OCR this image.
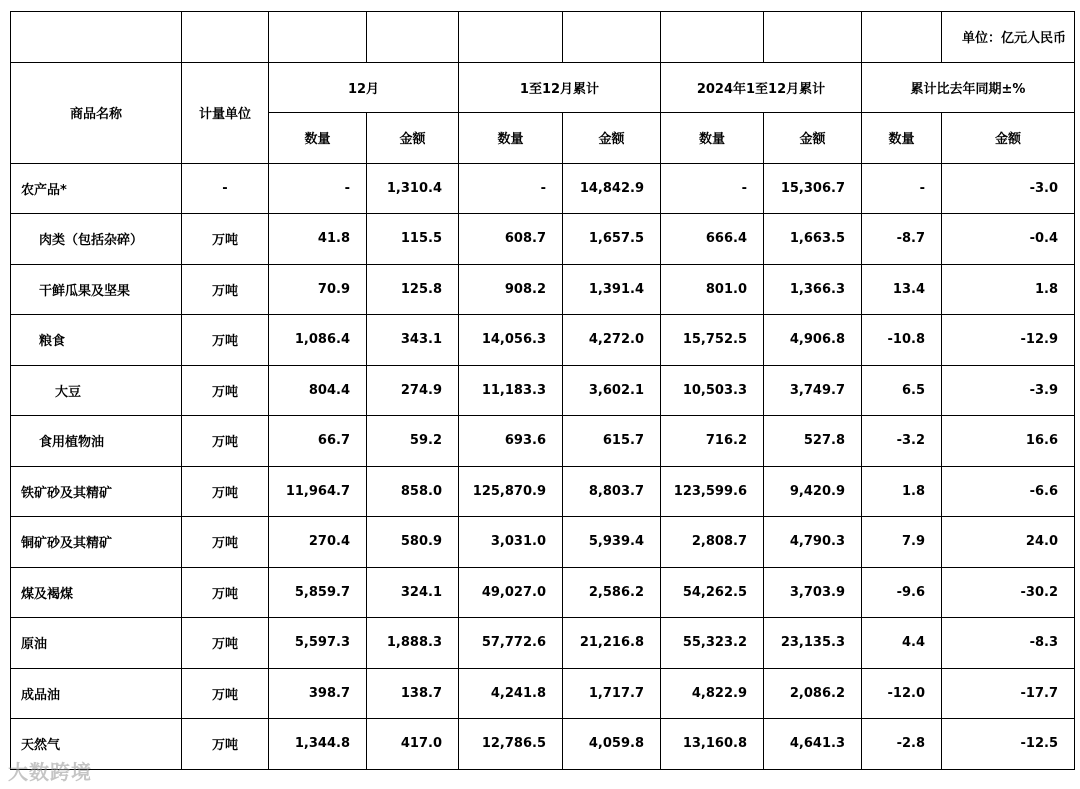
									单位：亿元人民币
商品名称	计量单位	12月		1至12月累计		2024年1至12月累计		累计比去年同期±%	
		数量	金额	数量	金额	数量	金额	数量	金额
农产品*	-	-	1,310.4	-	14,842.9	-	15,306.7	-	-3.0
肉类（包括杂碎）	万吨	41.8	115.5	608.7	1,657.5	666.4	1,663.5	-8.7	-0.4
干鲜瓜果及坚果	万吨	70.9	125.8	908.2	1,391.4	801.0	1,366.3	13.4	1.8
粮食	万吨	1,086.4	343.1	14,056.3	4,272.0	15,752.5	4,906.8	-10.8	-12.9
大豆	万吨	804.4	274.9	11,183.3	3,602.1	10,503.3	3,749.7	6.5	-3.9
食用植物油	万吨	66.7	59.2	693.6	615.7	716.2	527.8	-3.2	16.6
铁矿砂及其精矿	万吨	11,964.7	858.0	125,870.9	8,803.7	123,599.6	9,420.9	1.8	-6.6
铜矿砂及其精矿	万吨	270.4	580.9	3,031.0	5,939.4	2,808.7	4,790.3	7.9	24.0
煤及褐煤	万吨	5,859.7	324.1	49,027.0	2,586.2	54,262.5	3,703.9	-9.6	-30.2
原油	万吨	5,597.3	1,888.3	57,772.6	21,216.8	55,323.2	23,135.3	4.4	-8.3
成品油	万吨	398.7	138.7	4,241.8	1,717.7	4,822.9	2,086.2	-12.0	-17.7
天然气	万吨	1,344.8	417.0	12,786.5	4,059.8	13,160.8	4,641.3	-2.8	-12.5
大数跨境
